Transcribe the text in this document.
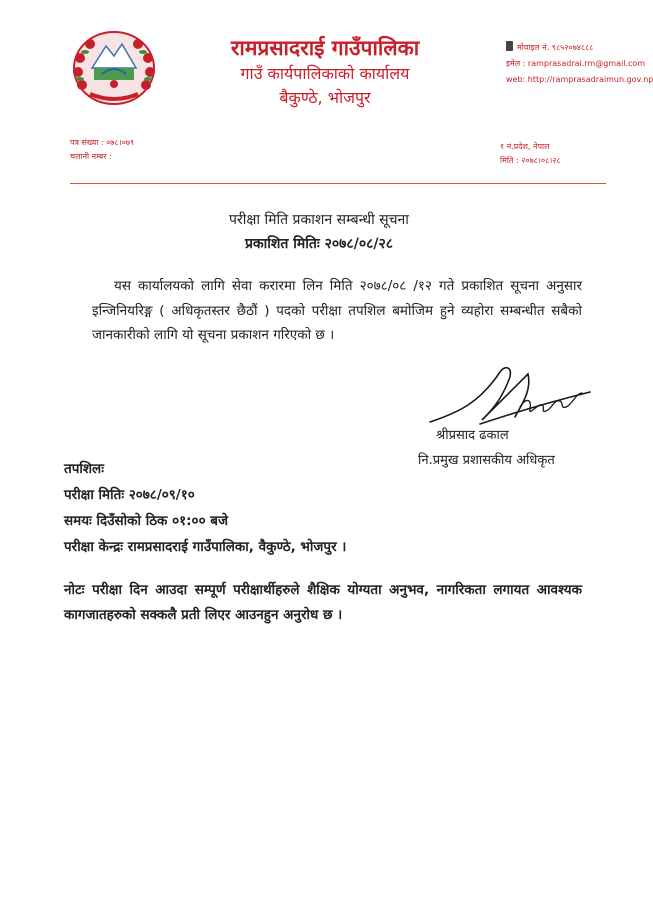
रामप्रसादराई गाउँपालिका
गाउँ कार्यपालिकाको कार्यालय
बैकुण्ठे, भोजपुर
मोवाइल नं. ९८५२०७४८८८
इमेल : ramprasadrai.rm@gmail.com
web: http://ramprasadraimun.gov.np
पत्र संख्या : ०७८।०७९
चलानी नम्बर :
१ नं.प्रदेश, नेपाल
मिति : २०७८।०८।२८
परीक्षा मिति प्रकाशन सम्बन्धी सूचना
प्रकाशित मितिः २०७८/०८/२८
यस कार्यालयको लागि सेवा करारमा लिन मिति २०७८/०८ /१२ गते प्रकाशित सूचना अनुसार इन्जिनियरिङ्ग ( अधिकृतस्तर छैठौं ) पदको परीक्षा तपशिल बमोजिम हुने व्यहोरा सम्बन्धीत सबैको जानकारीको लागि यो सूचना प्रकाशन गरिएको छ ।
श्रीप्रसाद ढकाल
नि.प्रमुख प्रशासकीय अधिकृत
तपशिलः
परीक्षा मितिः २०७८/०९/१०
समयः दिउँसोको ठिक ०१:०० बजे
परीक्षा केन्द्रः रामप्रसादराई गाउँपालिका, वैकुण्ठे, भोजपुर ।
नोटः परीक्षा दिन आउदा सम्पूर्ण परीक्षार्थीहरुले शैक्षिक योग्यता अनुभव, नागरिकता लगायत आवश्यक कागजातहरुको सक्कलै प्रती लिएर आउनहुन अनुरोध छ ।
